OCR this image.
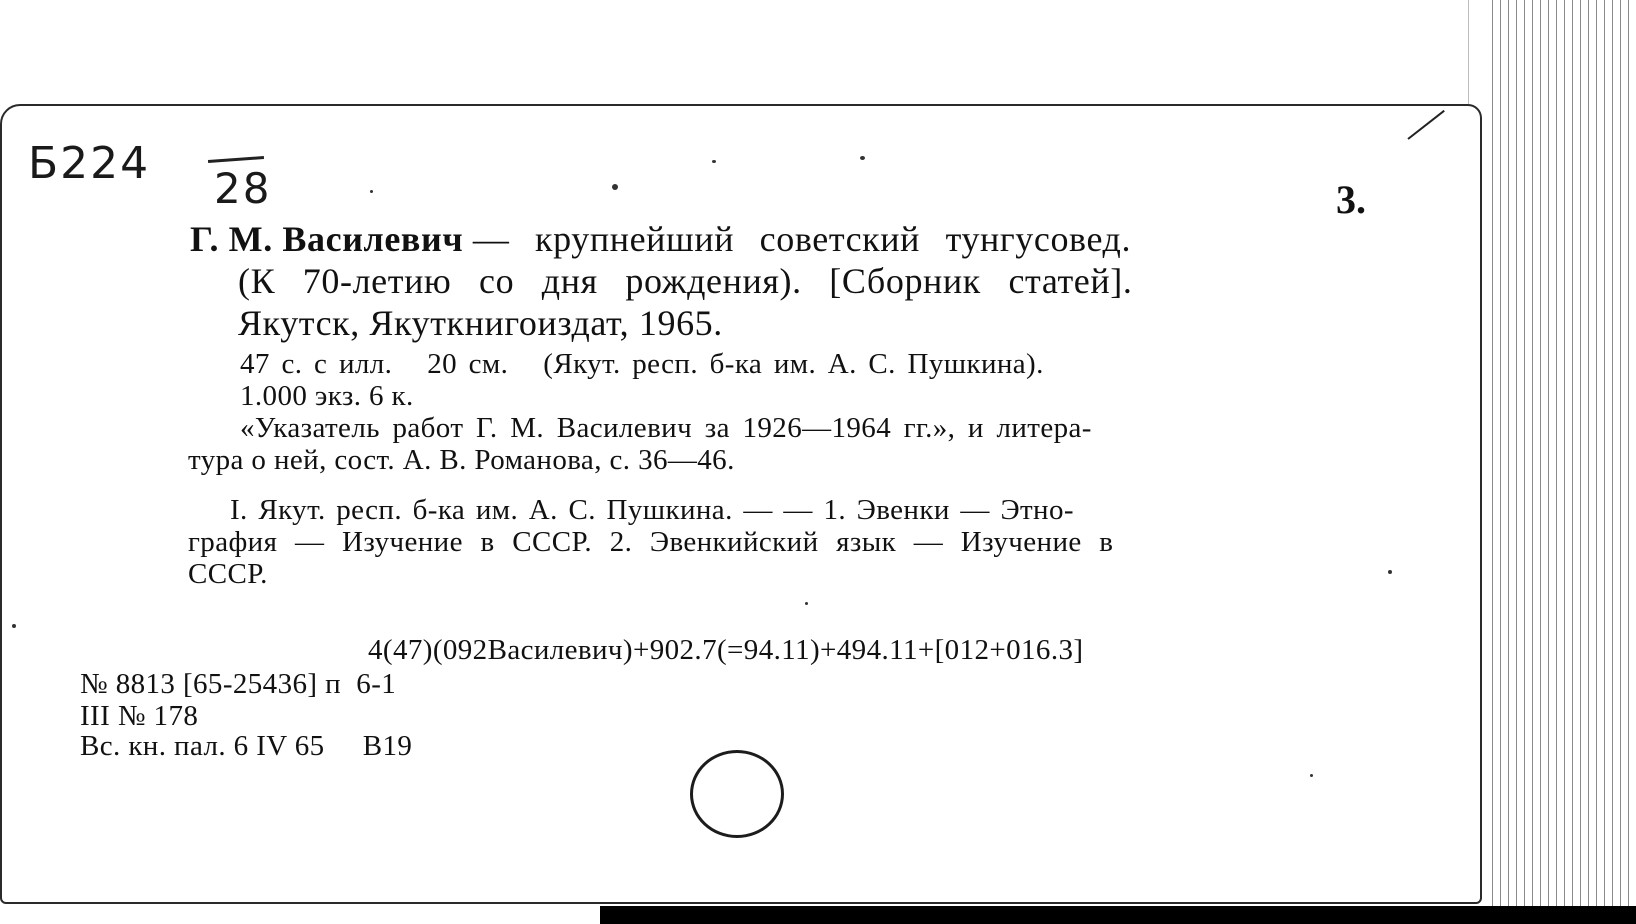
Б224 28	3.
Г. М. Василевич — крупнейший советский тунгусовед.
(К 70-летию со дня рождения). [Сборник статей].
Якутск, Якуткнигоиздат, 1965.
47 с. с илл.   20 см.   (Якут. респ. б-ка им. А. С. Пушкина).
1.000 экз. 6 к.
«Указатель работ Г. М. Василевич за 1926—1964 гг.», и литера-
тура о ней, сост. А. В. Романова, с. 36—46.
I. Якут. респ. б-ка им. А. С. Пушкина. — — 1. Эвенки — Этно-
графия — Изучение в СССР. 2. Эвенкийский язык — Изучение в
СССР.
4(47)(092Василевич)+902.7(=94.11)+494.11+[012+016.3]
№ 8813 [65-25436] п  6-1
III № 178
Вс. кн. пал. 6 IV 65     В19
